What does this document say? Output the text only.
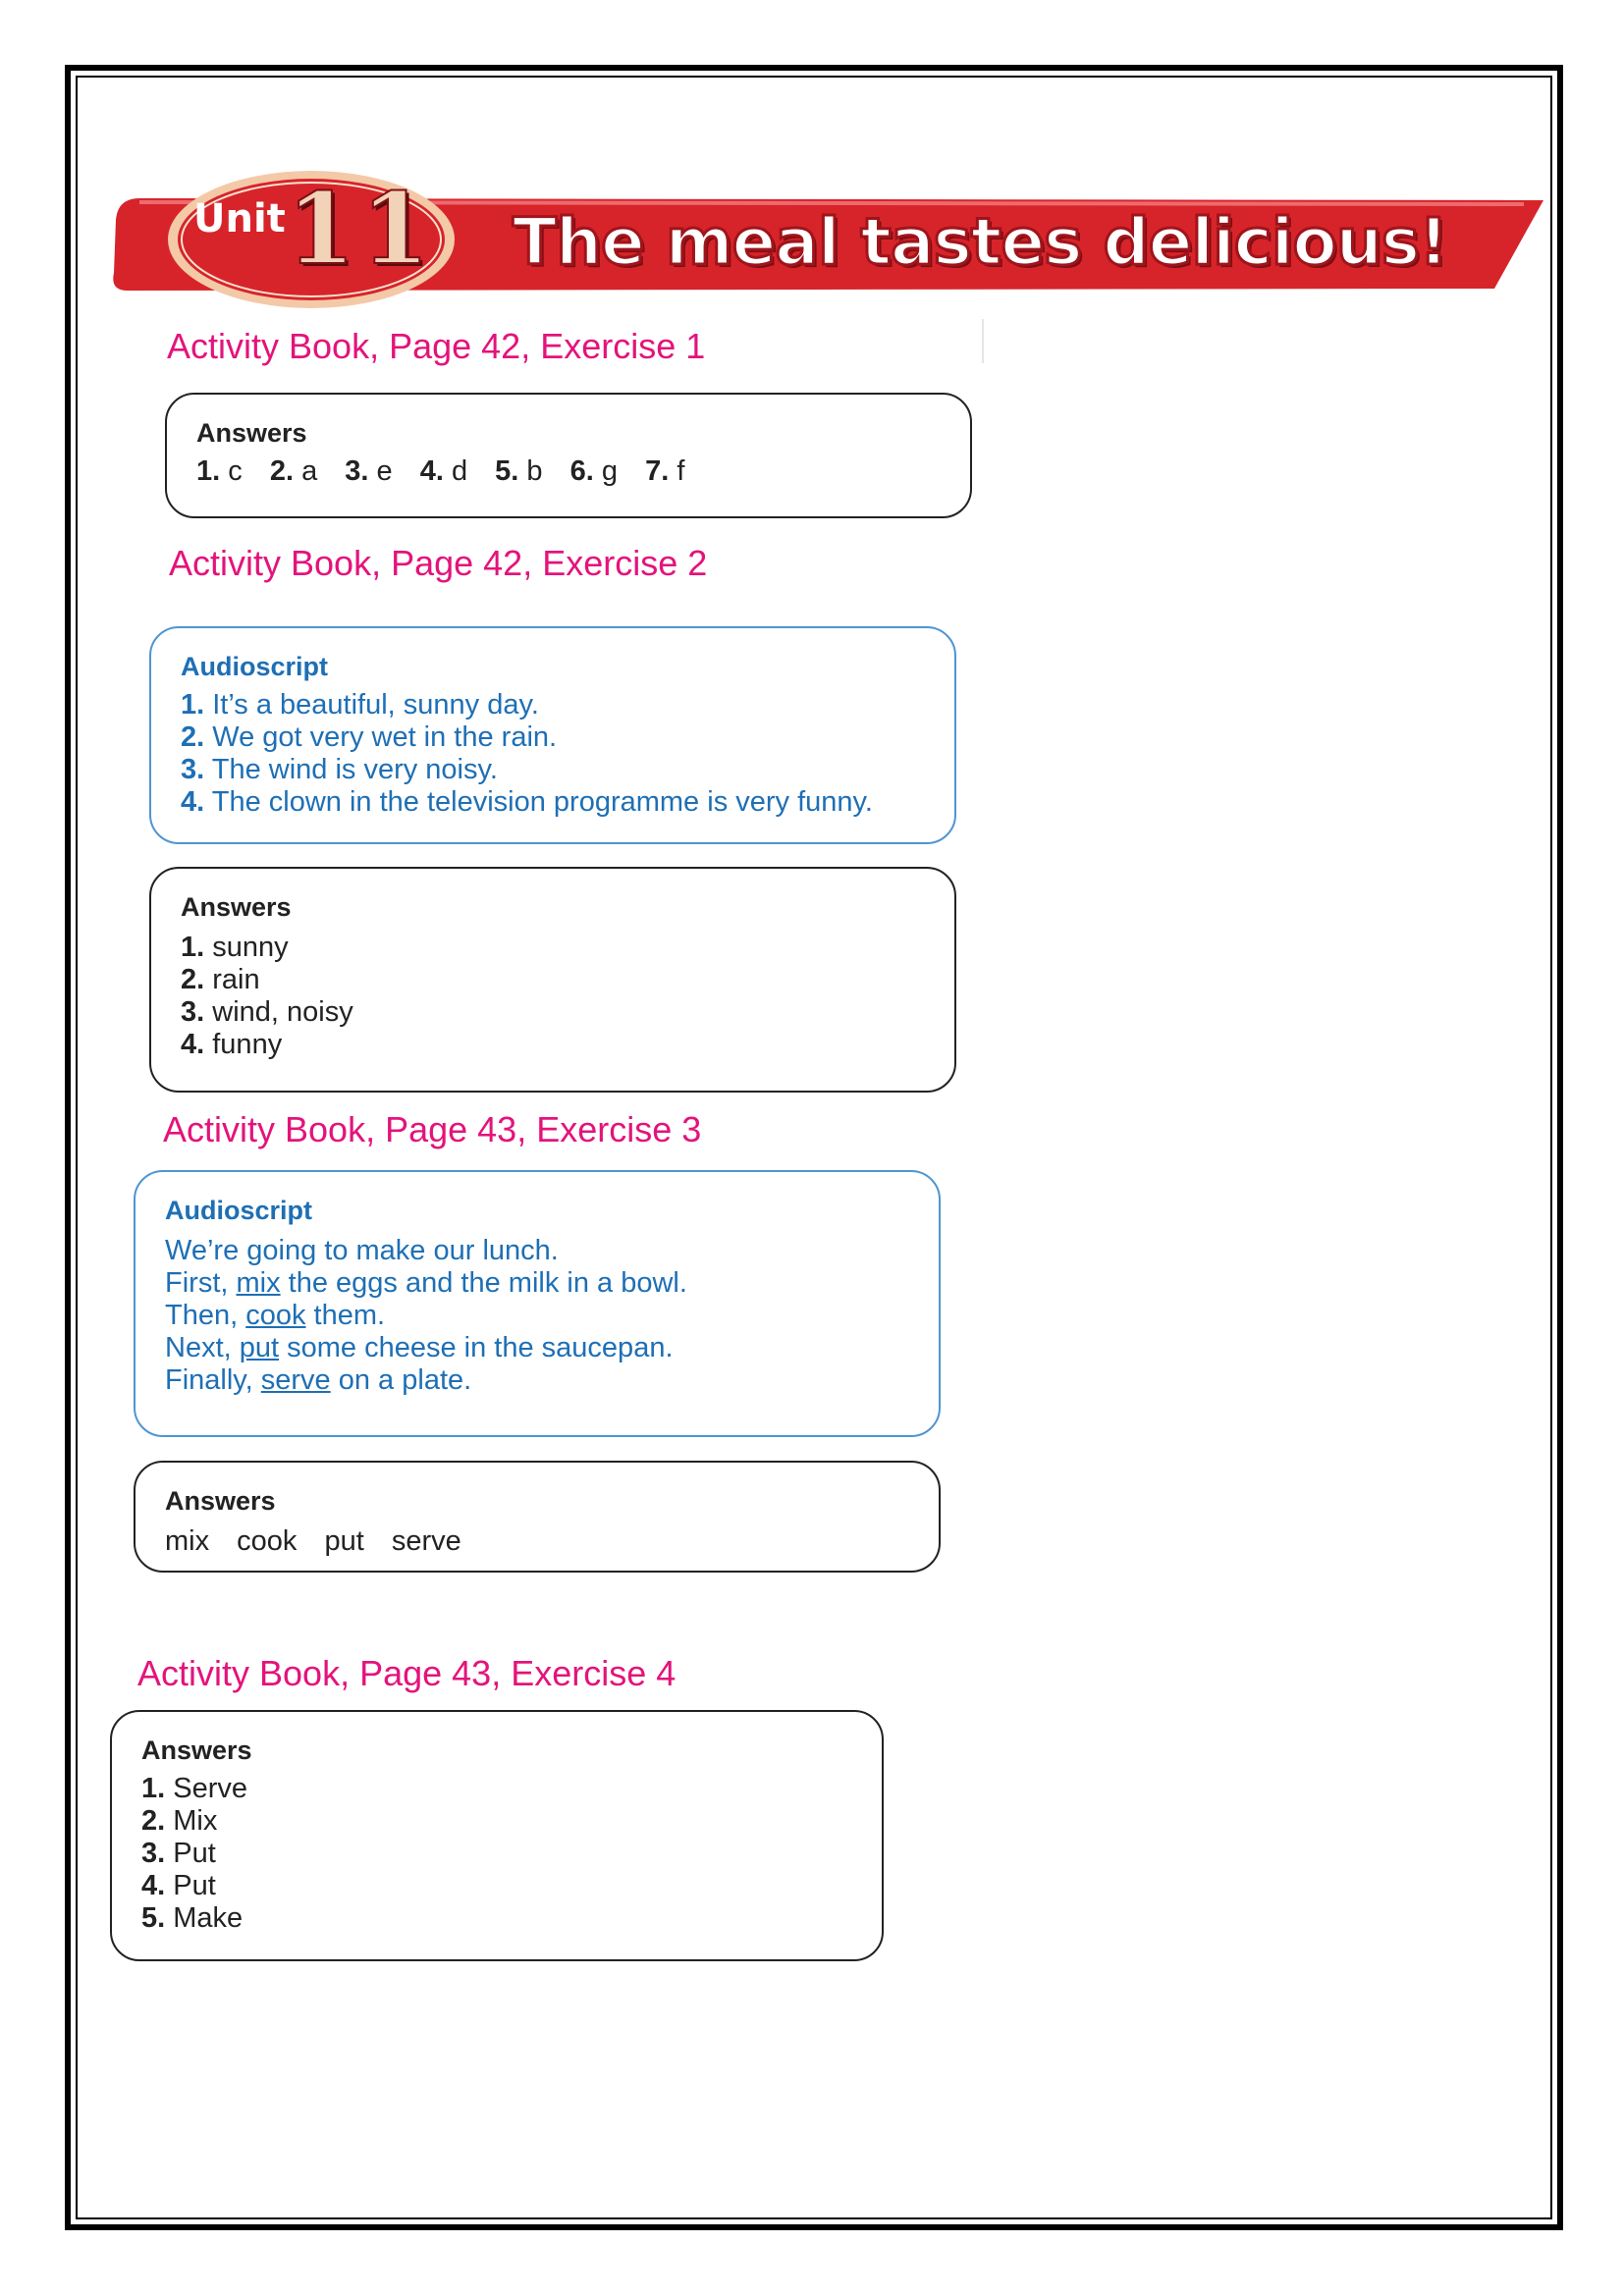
Unit 11 The meal tastes delicious!
Activity Book, Page 42, Exercise 1
Answers
1. c 2. a 3. e 4. d 5. b 6. g 7. f
Activity Book, Page 42, Exercise 2
Audioscript
1. It’s a beautiful, sunny day.
2. We got very wet in the rain.
3. The wind is very noisy.
4. The clown in the television programme is very funny.
Answers
1. sunny
2. rain
3. wind, noisy
4. funny
Activity Book, Page 43, Exercise 3
Audioscript
We’re going to make our lunch.
First, mix the eggs and the milk in a bowl.
Then, cook them.
Next, put some cheese in the saucepan.
Finally, serve on a plate.
Answers
mix cook put serve
Activity Book, Page 43, Exercise 4
Answers
1. Serve
2. Mix
3. Put
4. Put
5. Make
